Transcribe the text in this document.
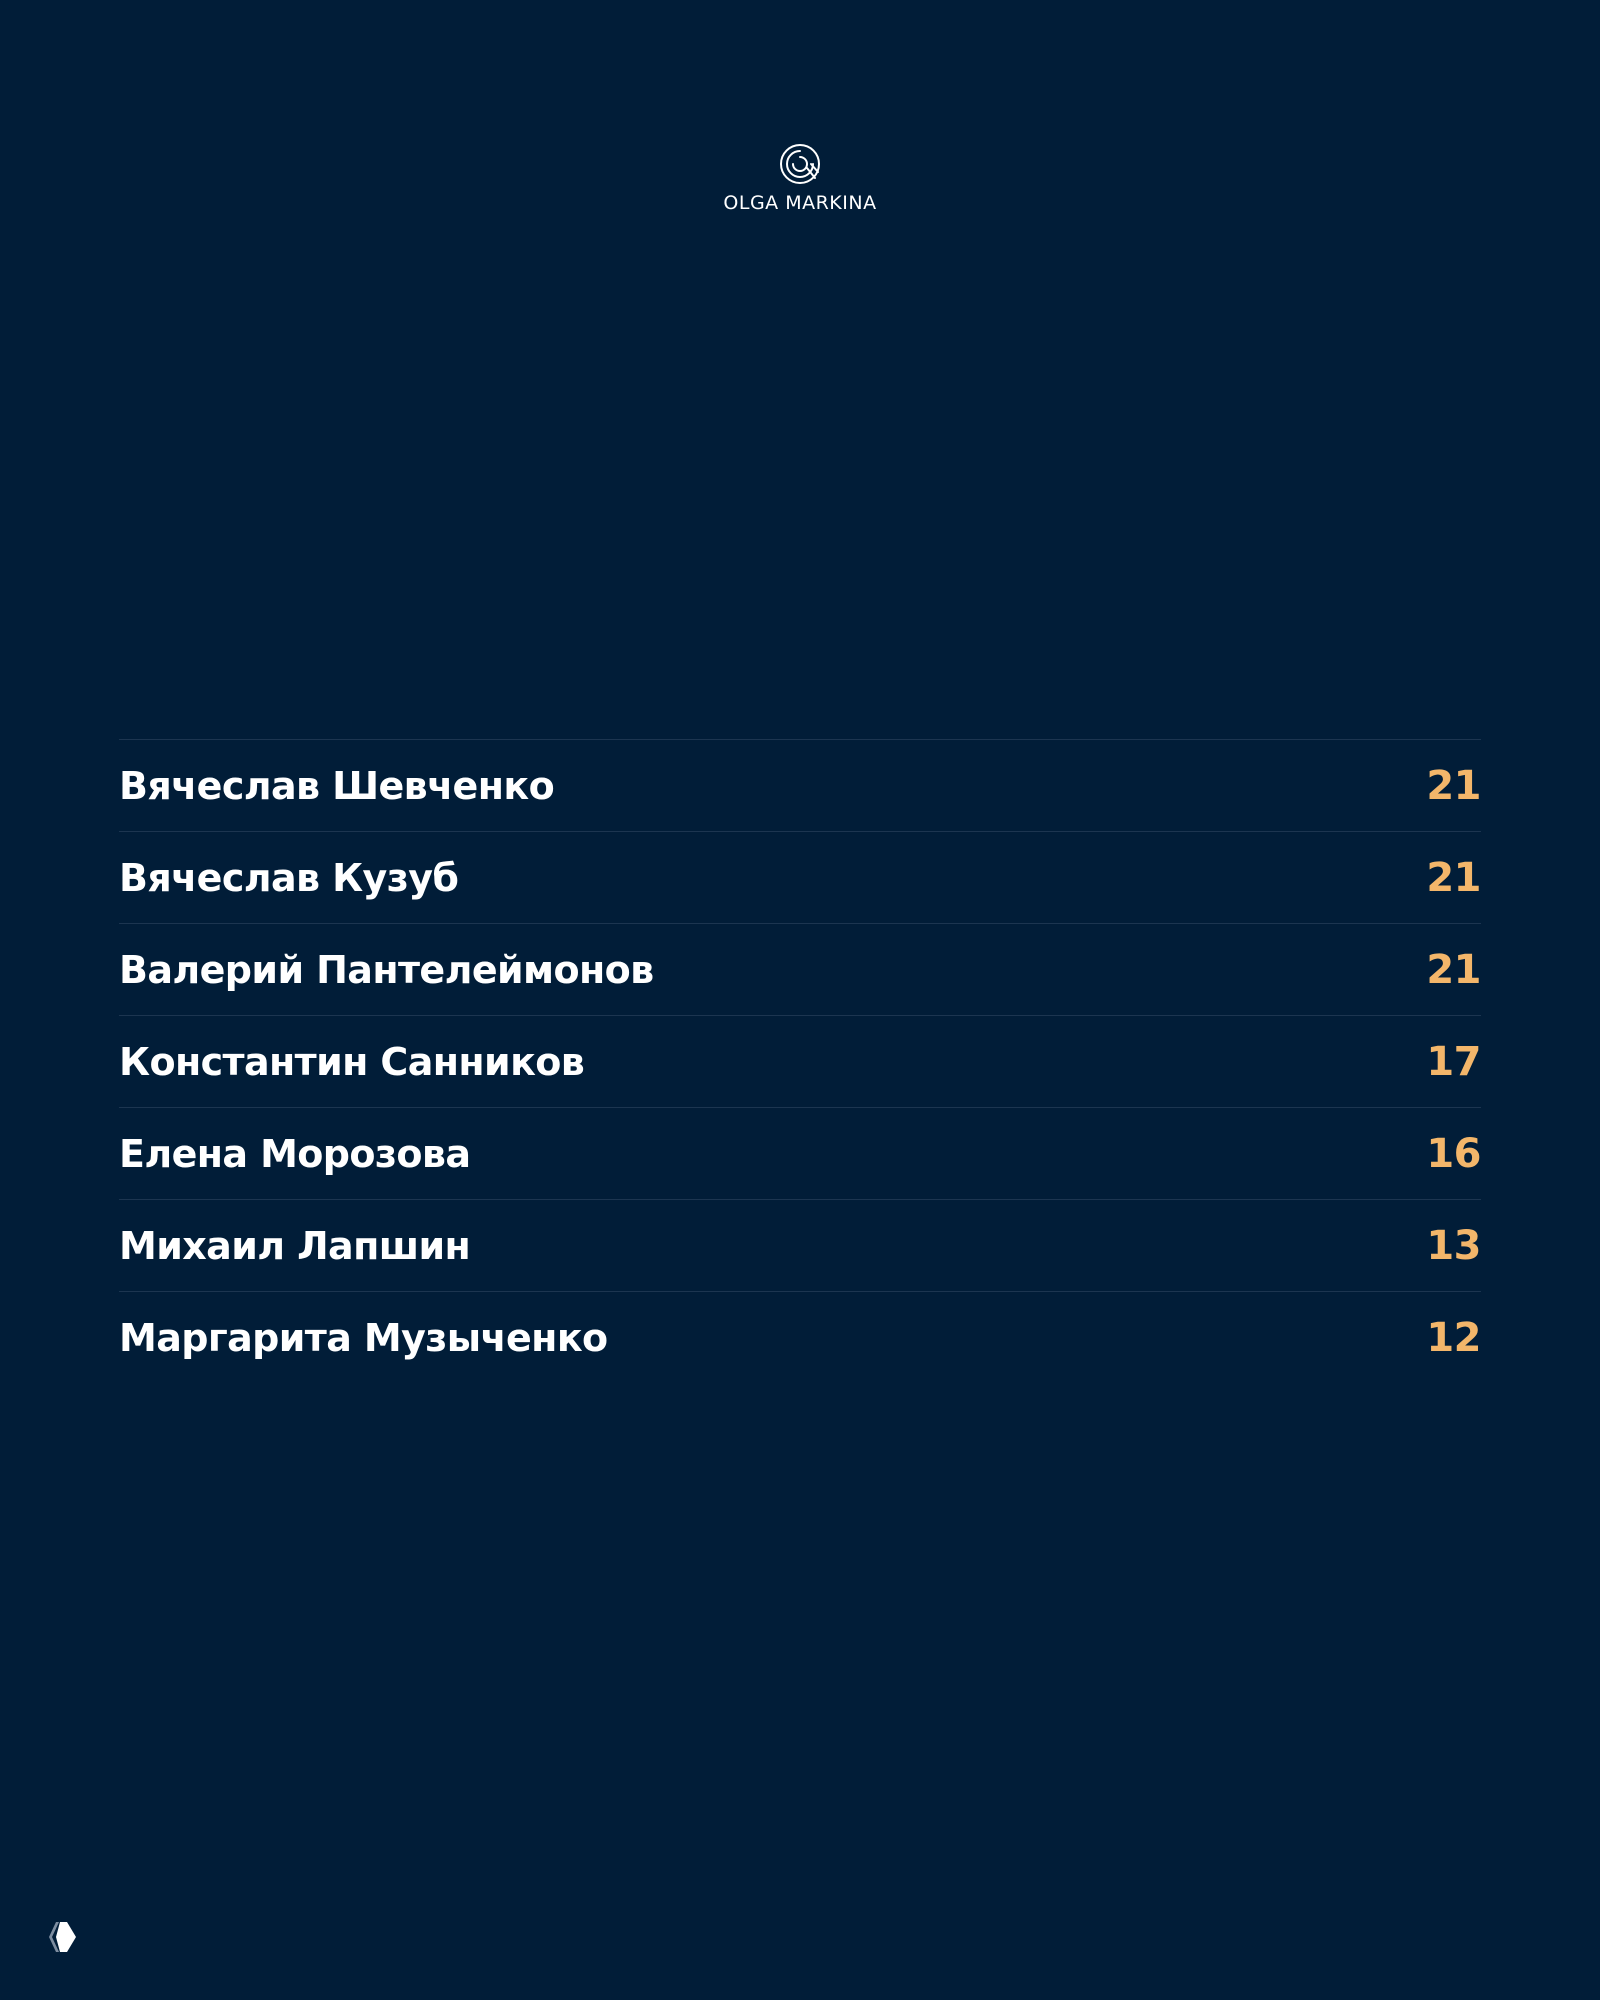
OLGA MARKINA
Вячеслав Шевченко	21
Вячеслав Кузуб	21
Валерий Пантелеймонов	21
Константин Санников	17
Елена Морозова	16
Михаил Лапшин	13
Маргарита Музыченко	12
